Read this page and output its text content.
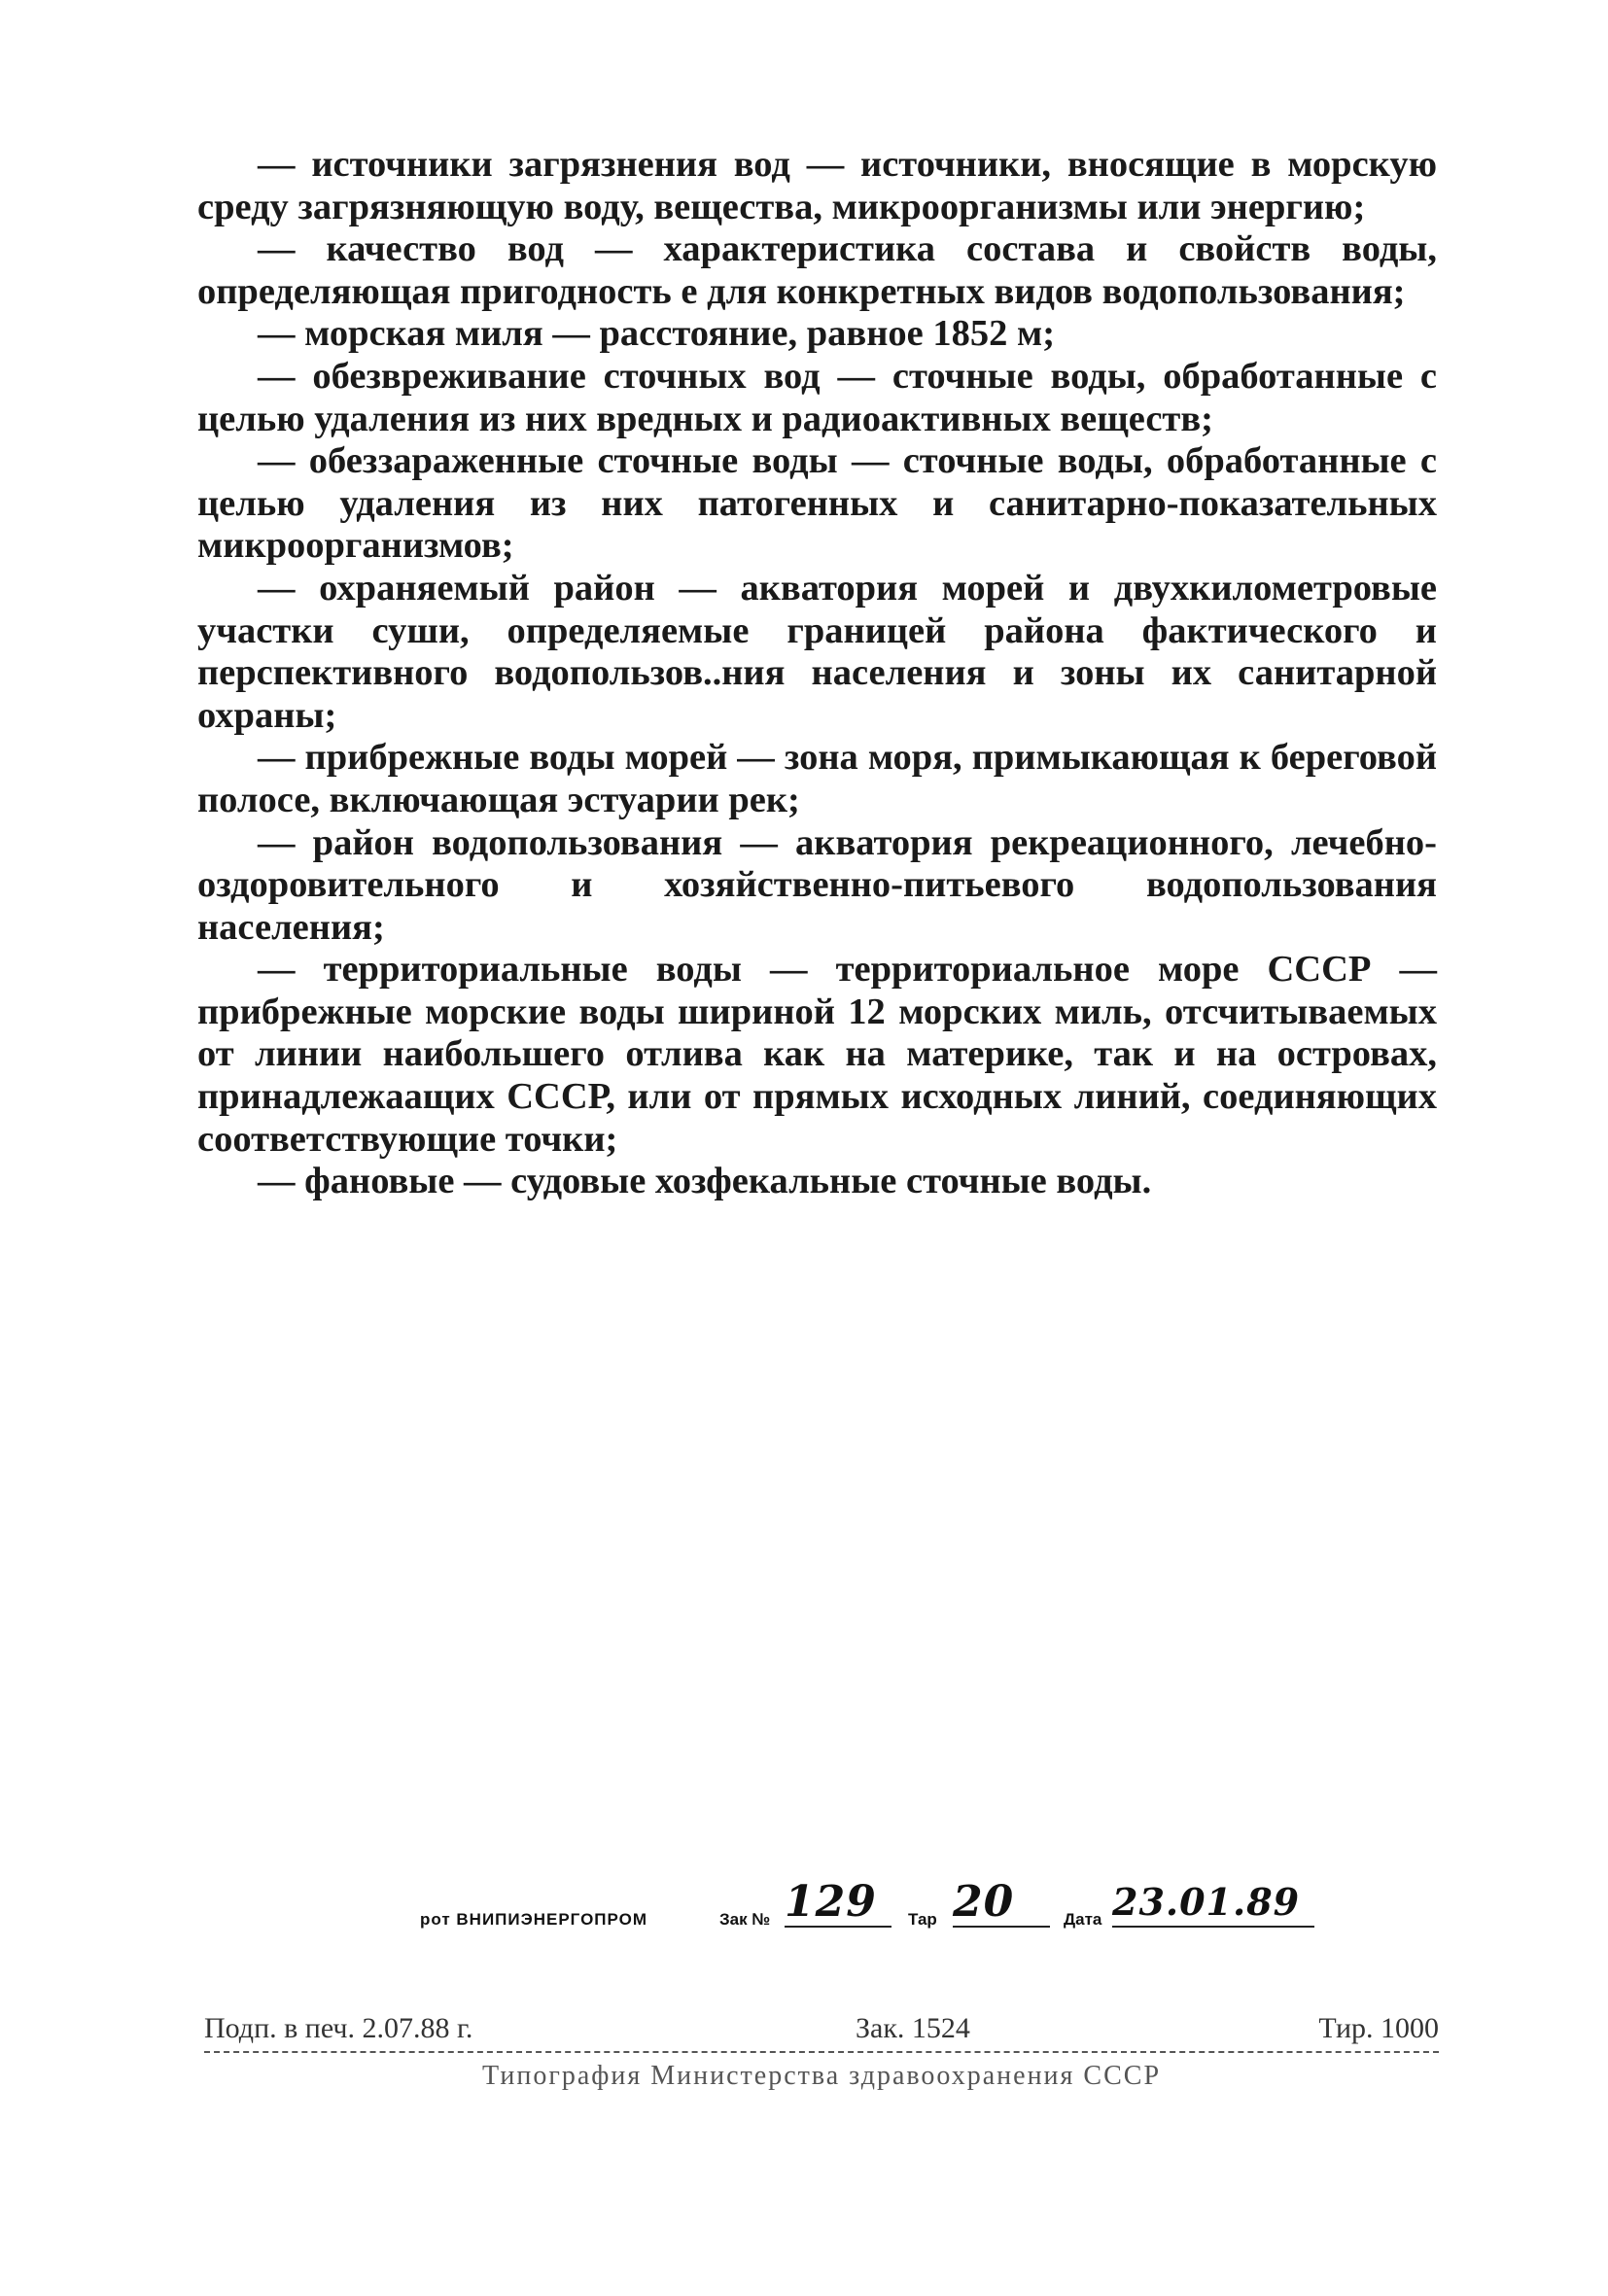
— источники загрязнения вод — источники, вносящие в морскую среду загрязняющую воду, вещества, микроорганизмы или энергию;

— качество вод — характеристика состава и свойств воды, определяющая пригодность е для конкретных видов водопользования;

— морская миля — расстояние, равное 1852 м;

— обезвреживание сточных вод — сточные воды, обработанные с целью удаления из них вредных и радиоактивных веществ;

— обеззараженные сточные воды — сточные воды, обработанные с целью удаления из них патогенных и санитарно-показательных микроорганизмов;

— охраняемый район — акватория морей и двухкилометровые участки суши, определяемые границей района фактического и перспективного водопользов..ния населения и зоны их санитарной охраны;

— прибрежные воды морей — зона моря, примыкающая к береговой полосе, включающая эстуарии рек;

— район водопользования — акватория рекреационного, лечебно-оздоровительного и хозяйственно-питьевого водопользования населения;

— территориальные воды — территориальное море СССР — прибрежные морские воды шириной 12 морских миль, отсчитываемых от линии наибольшего отлива как на материке, так и на островах, принадлежаащих СССР, или от прямых исходных линий, соединяющих соответствующие точки;

— фановые — судовые хозфекальные сточные воды.

рот ВНИПИЭНЕРГОПРОМ	Зак № 129	Тар 20	Дата 23.01.89
Подп. в печ. 2.07.88 г.	Зак. 1524	Тир. 1000
Типография Министерства здравоохранения СССР
